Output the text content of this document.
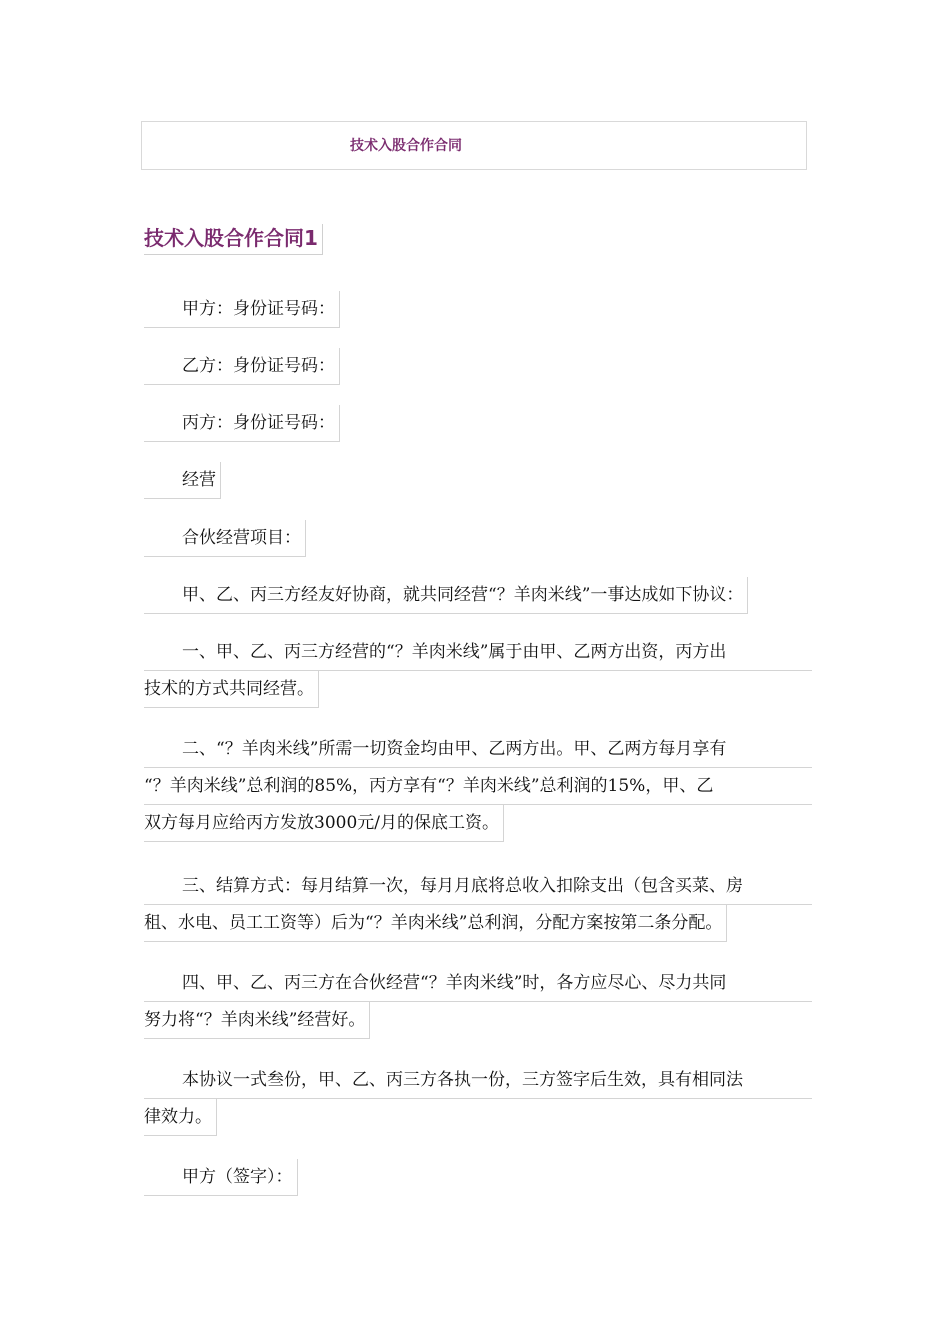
技术入股合作合同
技术入股合作合同1
甲方：身份证号码：
乙方：身份证号码：
丙方：身份证号码：
经营
合伙经营项目：
甲、乙、丙三方经友好协商，就共同经营“？羊肉米线”一事达成如下协议：
一、甲、乙、丙三方经营的“？羊肉米线”属于由甲、乙两方出资，丙方出
技术的方式共同经营。
二、“？羊肉米线”所需一切资金均由甲、乙两方出。甲、乙两方每月享有
“？羊肉米线”总利润的85%，丙方享有“？羊肉米线”总利润的15%，甲、乙
双方每月应给丙方发放3000元/月的保底工资。
三、结算方式：每月结算一次，每月月底将总收入扣除支出（包含买菜、房
租、水电、员工工资等）后为“？羊肉米线”总利润，分配方案按第二条分配。
四、甲、乙、丙三方在合伙经营“？羊肉米线”时，各方应尽心、尽力共同
努力将“？羊肉米线”经营好。
本协议一式叁份，甲、乙、丙三方各执一份，三方签字后生效，具有相同法
律效力。
甲方（签字）：
